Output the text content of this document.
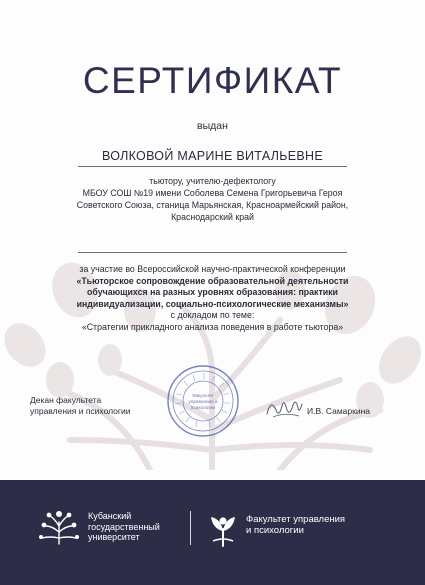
СЕРТИФИКАТ
выдан
ВОЛКОВОЙ МАРИНЕ ВИТАЛЬЕВНЕ
тьютору, учителю-дефектологу
МБОУ СОШ №19 имени Соболева Семена Григорьевича Героя
Советского Союза, станица Марьянская, Красноармейский район,
Краснодарский край
за участие во Всероссийской научно-практической конференции
«Тьюторское сопровождение образовательной деятельности
обучающихся на разных уровнях образования: практики
индивидуализации, социально-психологические механизмы»
с докладом по теме:
«Стратегии прикладного анализа поведения в работе тьютора»
Декан факультета
управления и психологии
Факультет
управления и
психологии	И.В. Самаркина
Кубанский
государственный
университет
Факультет управления
и психологии
